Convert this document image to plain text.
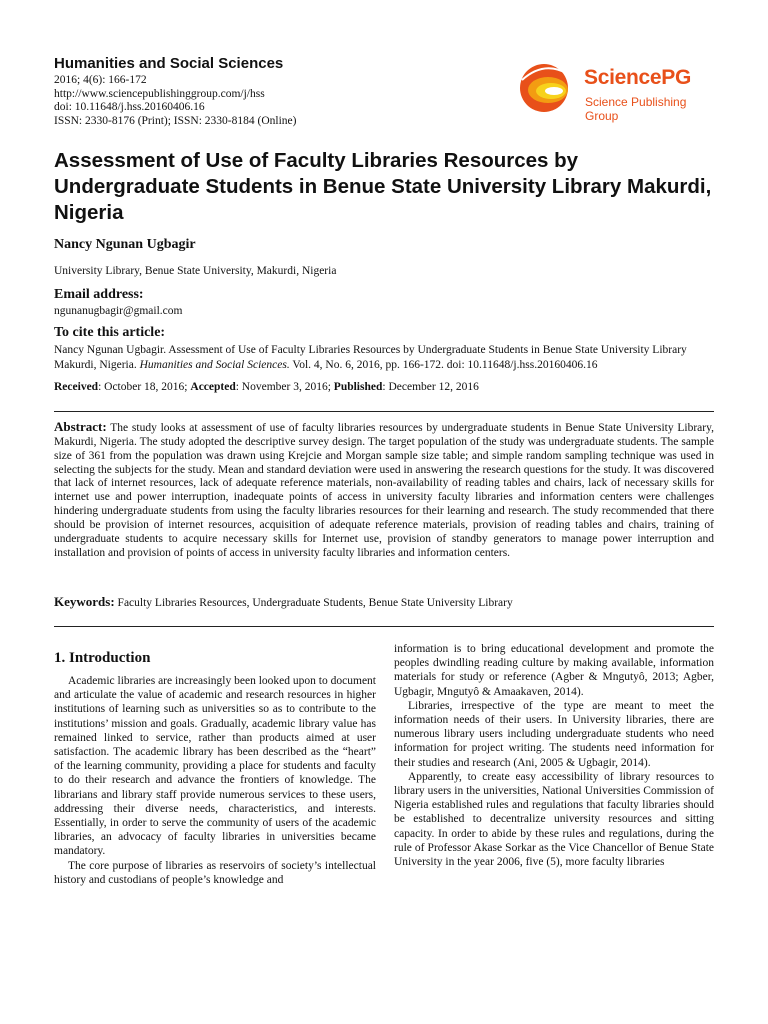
Humanities and Social Sciences
2016; 4(6): 166-172
http://www.sciencepublishinggroup.com/j/hss
doi: 10.11648/j.hss.20160406.16
ISSN: 2330-8176 (Print); ISSN: 2330-8184 (Online)
SciencePG
Science Publishing Group
Assessment of Use of Faculty Libraries Resources by Undergraduate Students in Benue State University Library Makurdi, Nigeria
Nancy Ngunan Ugbagir
University Library, Benue State University, Makurdi, Nigeria
Email address:
ngunanugbagir@gmail.com
To cite this article:
Nancy Ngunan Ugbagir. Assessment of Use of Faculty Libraries Resources by Undergraduate Students in Benue State University Library Makurdi, Nigeria. Humanities and Social Sciences. Vol. 4, No. 6, 2016, pp. 166-172. doi: 10.11648/j.hss.20160406.16
Received: October 18, 2016; Accepted: November 3, 2016; Published: December 12, 2016
Abstract: The study looks at assessment of use of faculty libraries resources by undergraduate students in Benue State University Library, Makurdi, Nigeria. The study adopted the descriptive survey design. The target population of the study was undergraduate students. The sample size of 361 from the population was drawn using Krejcie and Morgan sample size table; and simple random sampling technique was used in selecting the subjects for the study. Mean and standard deviation were used in answering the research questions for the study. It was discovered that lack of internet resources, lack of adequate reference materials, non-availability of reading tables and chairs, lack of necessary skills for internet use and power interruption, inadequate points of access in university faculty libraries and information centers were challenges hindering undergraduate students from using the faculty libraries resources for their learning and research. The study recommended that there should be provision of internet resources, acquisition of adequate reference materials, provision of reading tables and chairs, training of undergraduate students to acquire necessary skills for Internet use, provision of standby generators to manage power interruption and installation and provision of points of access in university faculty libraries and information centers.
Keywords: Faculty Libraries Resources, Undergraduate Students, Benue State University Library
1. Introduction

Academic libraries are increasingly been looked upon to document and articulate the value of academic and research resources in higher institutions of learning such as universities so as to contribute to the institutions’ mission and goals. Gradually, academic library value has remained linked to service, rather than products aimed at user satisfaction. The academic library has been described as the “heart” of the learning community, providing a place for students and faculty to do their research and advance the frontiers of knowledge. The librarians and library staff provide numerous services to these users, addressing their diverse needs, characteristics, and interests. Essentially, in order to serve the community of users of the academic libraries, an advocacy of faculty libraries in universities became mandatory.

The core purpose of libraries as reservoirs of society’s intellectual history and custodians of people’s knowledge and

information is to bring educational development and promote the peoples dwindling reading culture by making available, information materials for study or reference (Agber & Mngutyô, 2013; Agber, Ugbagir, Mngutyô & Amaakaven, 2014).

Libraries, irrespective of the type are meant to meet the information needs of their users. In University libraries, there are numerous library users including undergraduate students who need information for project writing. The students need information for their studies and research (Ani, 2005 & Ugbagir, 2014).

Apparently, to create easy accessibility of library resources to library users in the universities, National Universities Commission of Nigeria established rules and regulations that faculty libraries should be established to decentralize university resources and sitting capacity. In order to abide by these rules and regulations, during the rule of Professor Akase Sorkar as the Vice Chancellor of Benue State University in the year 2006, five (5), more faculty libraries
